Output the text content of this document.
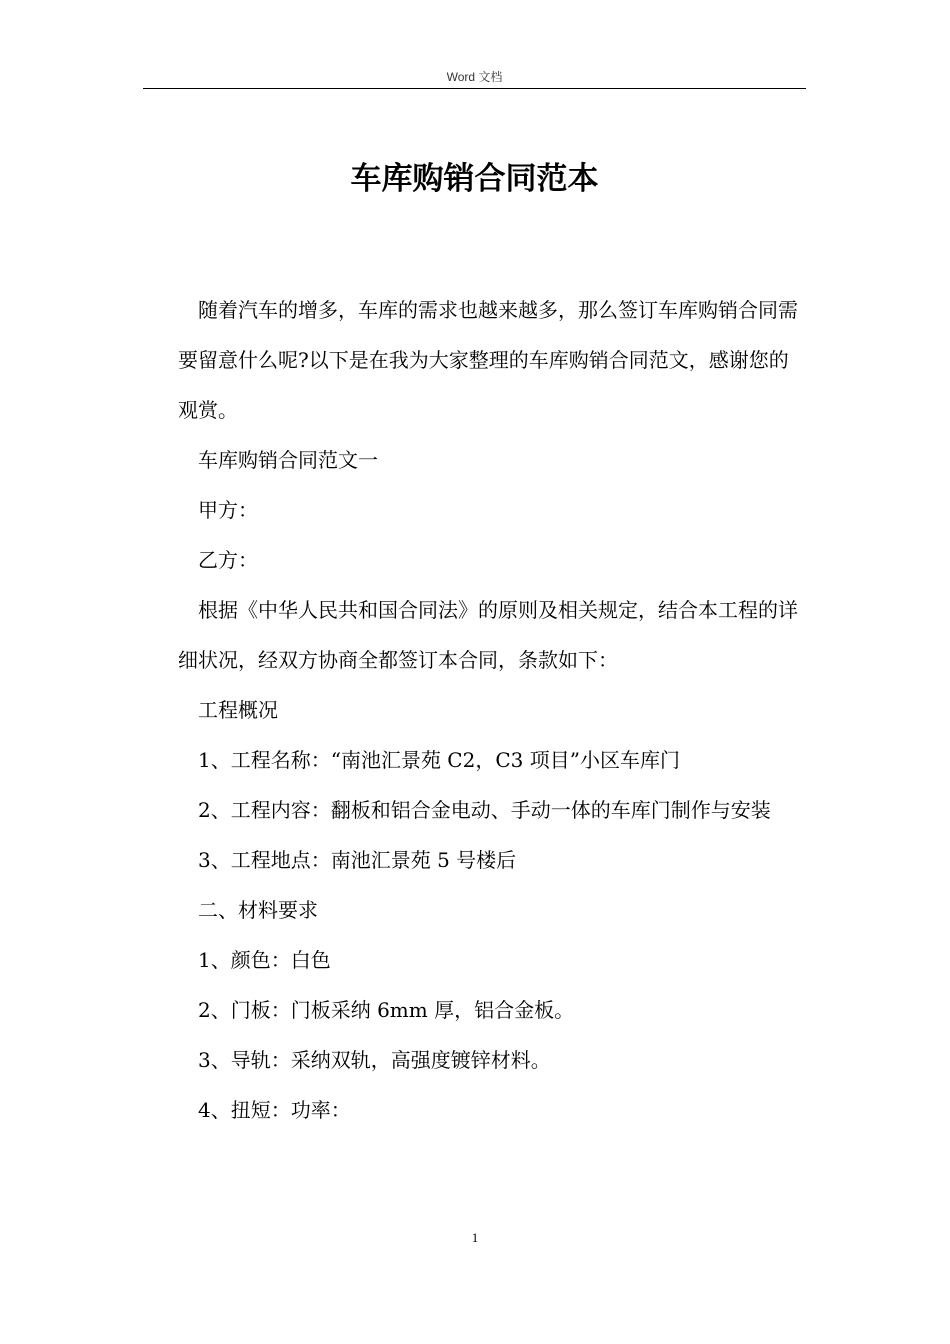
Word 文档
车库购销合同范本

随着汽车的增多，车库的需求也越来越多，那么签订车库购销合同需要留意什么呢?以下是在我为大家整理的车库购销合同范文，感谢您的观赏。

车库购销合同范文一

甲方：

乙方：

根据《中华人民共和国合同法》的原则及相关规定，结合本工程的详细状况，经双方协商全都签订本合同，条款如下：

工程概况

1、工程名称：“南池汇景苑 C2，C3 项目”小区车库门

2、工程内容：翻板和铝合金电动、手动一体的车库门制作与安装

3、工程地点：南池汇景苑 5 号楼后

二、材料要求

1、颜色：白色

2、门板：门板采纳 6mm 厚，铝合金板。

3、导轨：采纳双轨，高强度镀锌材料。

4、扭短：功率：

1
